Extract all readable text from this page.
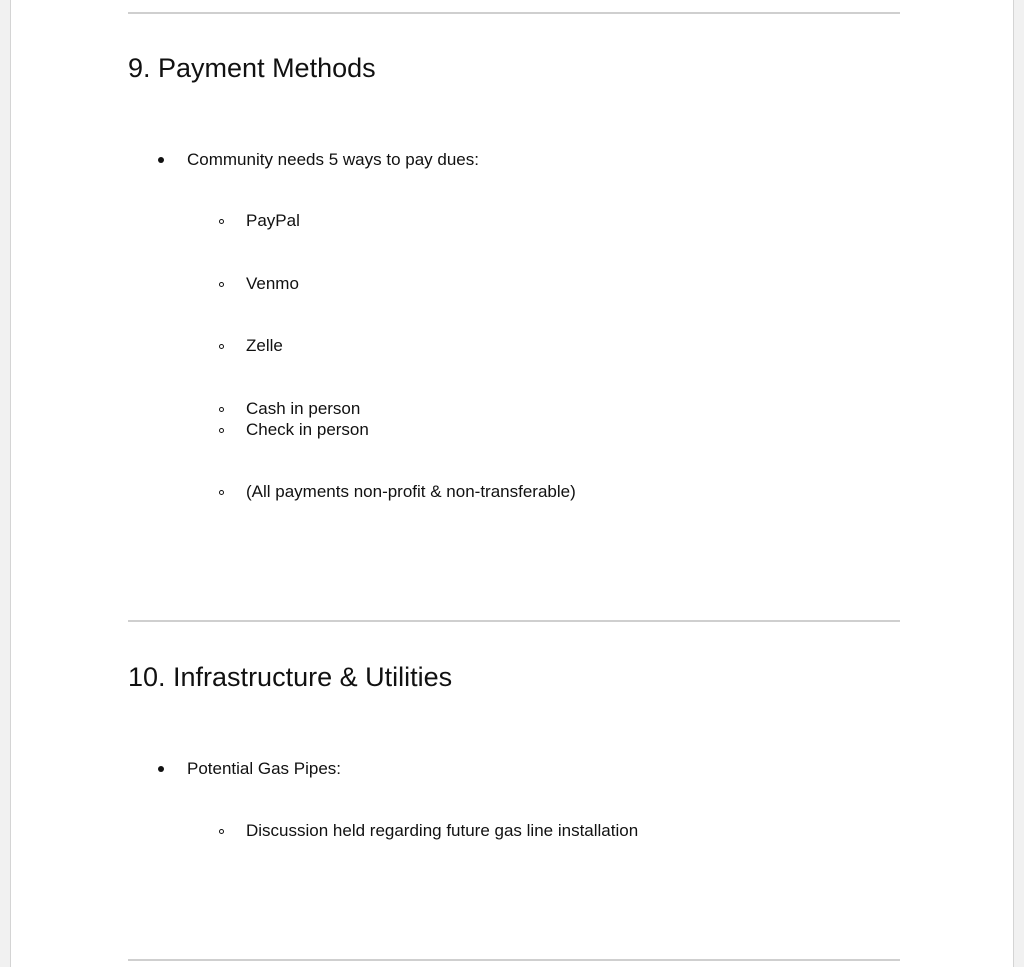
9. Payment Methods
Community needs 5 ways to pay dues:
PayPal
Venmo
Zelle
Cash in person
Check in person
(All payments non-profit & non-transferable)
10. Infrastructure & Utilities
Potential Gas Pipes:
Discussion held regarding future gas line installation
